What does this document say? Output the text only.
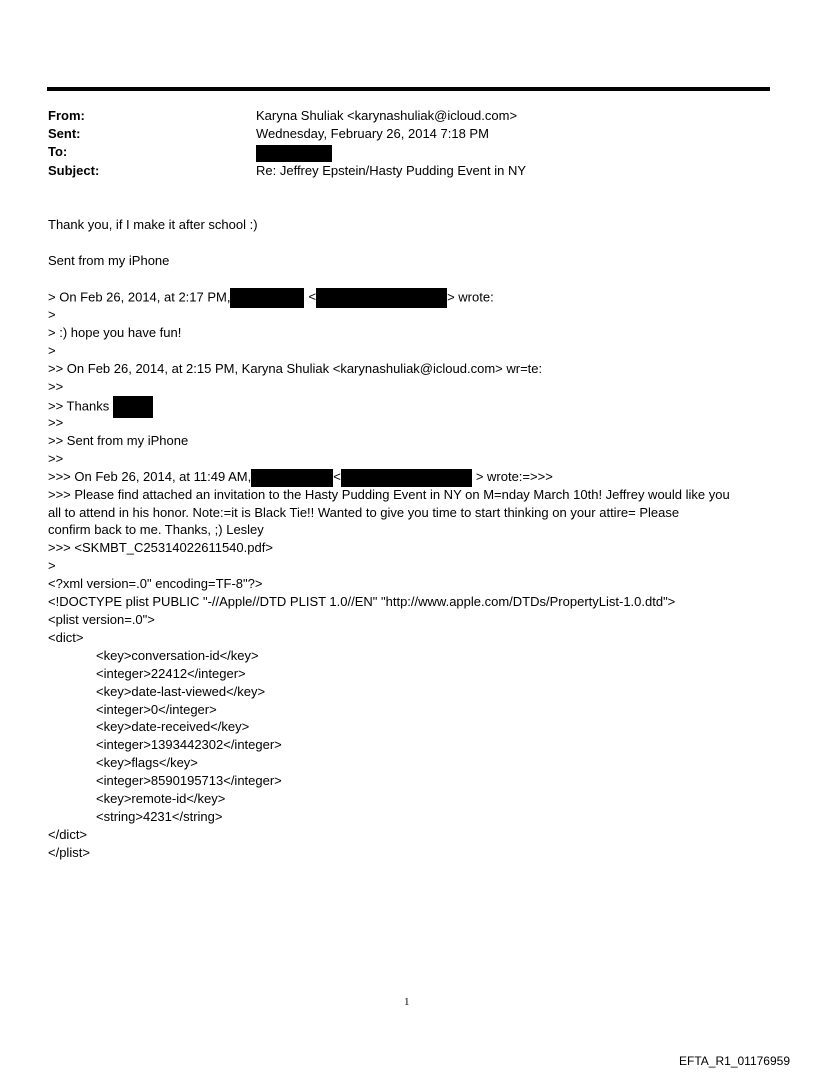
From:	Karyna Shuliak <karynashuliak@icloud.com>
Sent:	Wednesday, February 26, 2014 7:18 PM
To:
Subject:	Re: Jeffrey Epstein/Hasty Pudding Event in NY
Thank you, if I make it after school :)
Sent from my iPhone
> On Feb 26, 2014, at 2:17 PM,	<	> wrote:
>
> :) hope you have fun!
>
>> On Feb 26, 2014, at 2:15 PM, Karyna Shuliak <karynashuliak@icloud.com> wr=te:
>>
>> Thanks
>>
>> Sent from my iPhone
>>
>>> On Feb 26, 2014, at 11:49 AM,	<	> wrote:=>>>
>>> Please find attached an invitation to the Hasty Pudding Event in NY on M=nday March 10th! Jeffrey would like you
all to attend in his honor. Note:=it is Black Tie!! Wanted to give you time to start thinking on your attire= Please
confirm back to me. Thanks, ;) Lesley
>>> <SKMBT_C25314022611540.pdf>
>
<?xml version=.0" encoding=TF-8"?>
<!DOCTYPE plist PUBLIC "-//Apple//DTD PLIST 1.0//EN" "http://www.apple.com/DTDs/PropertyList-1.0.dtd">
<plist version=.0">
<dict>
<key>conversation-id</key>
<integer>22412</integer>
<key>date-last-viewed</key>
<integer>0</integer>
<key>date-received</key>
<integer>1393442302</integer>
<key>flags</key>
<integer>8590195713</integer>
<key>remote-id</key>
<string>4231</string>
</dict>
</plist>
1
EFTA_R1_01176959
